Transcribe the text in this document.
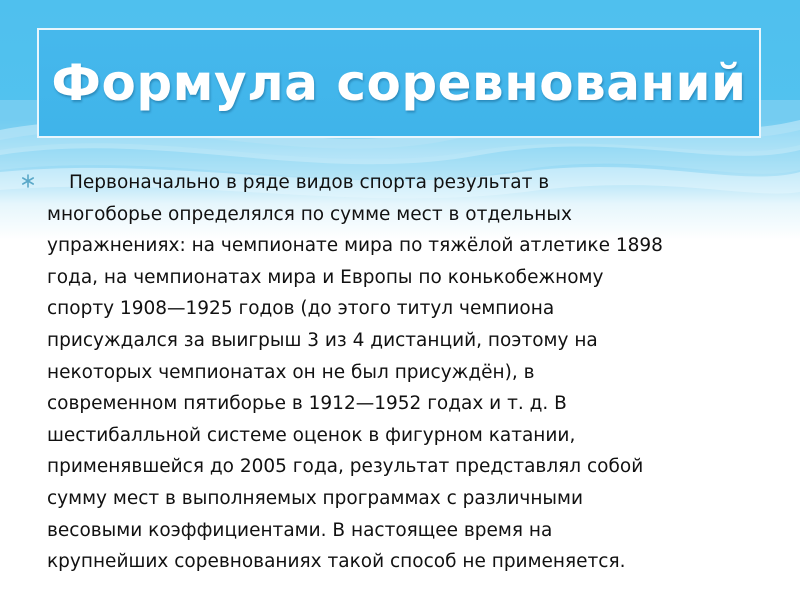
Формула соревнований

Первоначально в ряде видов спорта результат в
многоборье определялся по сумме мест в отдельных
упражнениях: на чемпионате мира по тяжёлой атлетике 1898
года, на чемпионатах мира и Европы по конькобежному
спорту 1908—1925 годов (до этого титул чемпиона
присуждался за выигрыш 3 из 4 дистанций, поэтому на
некоторых чемпионатах он не был присуждён), в
современном пятиборье в 1912—1952 годах и т. д. В
шестибалльной системе оценок в фигурном катании,
применявшейся до 2005 года, результат представлял собой
сумму мест в выполняемых программах с различными
весовыми коэффициентами. В настоящее время на
крупнейших соревнованиях такой способ не применяется.
